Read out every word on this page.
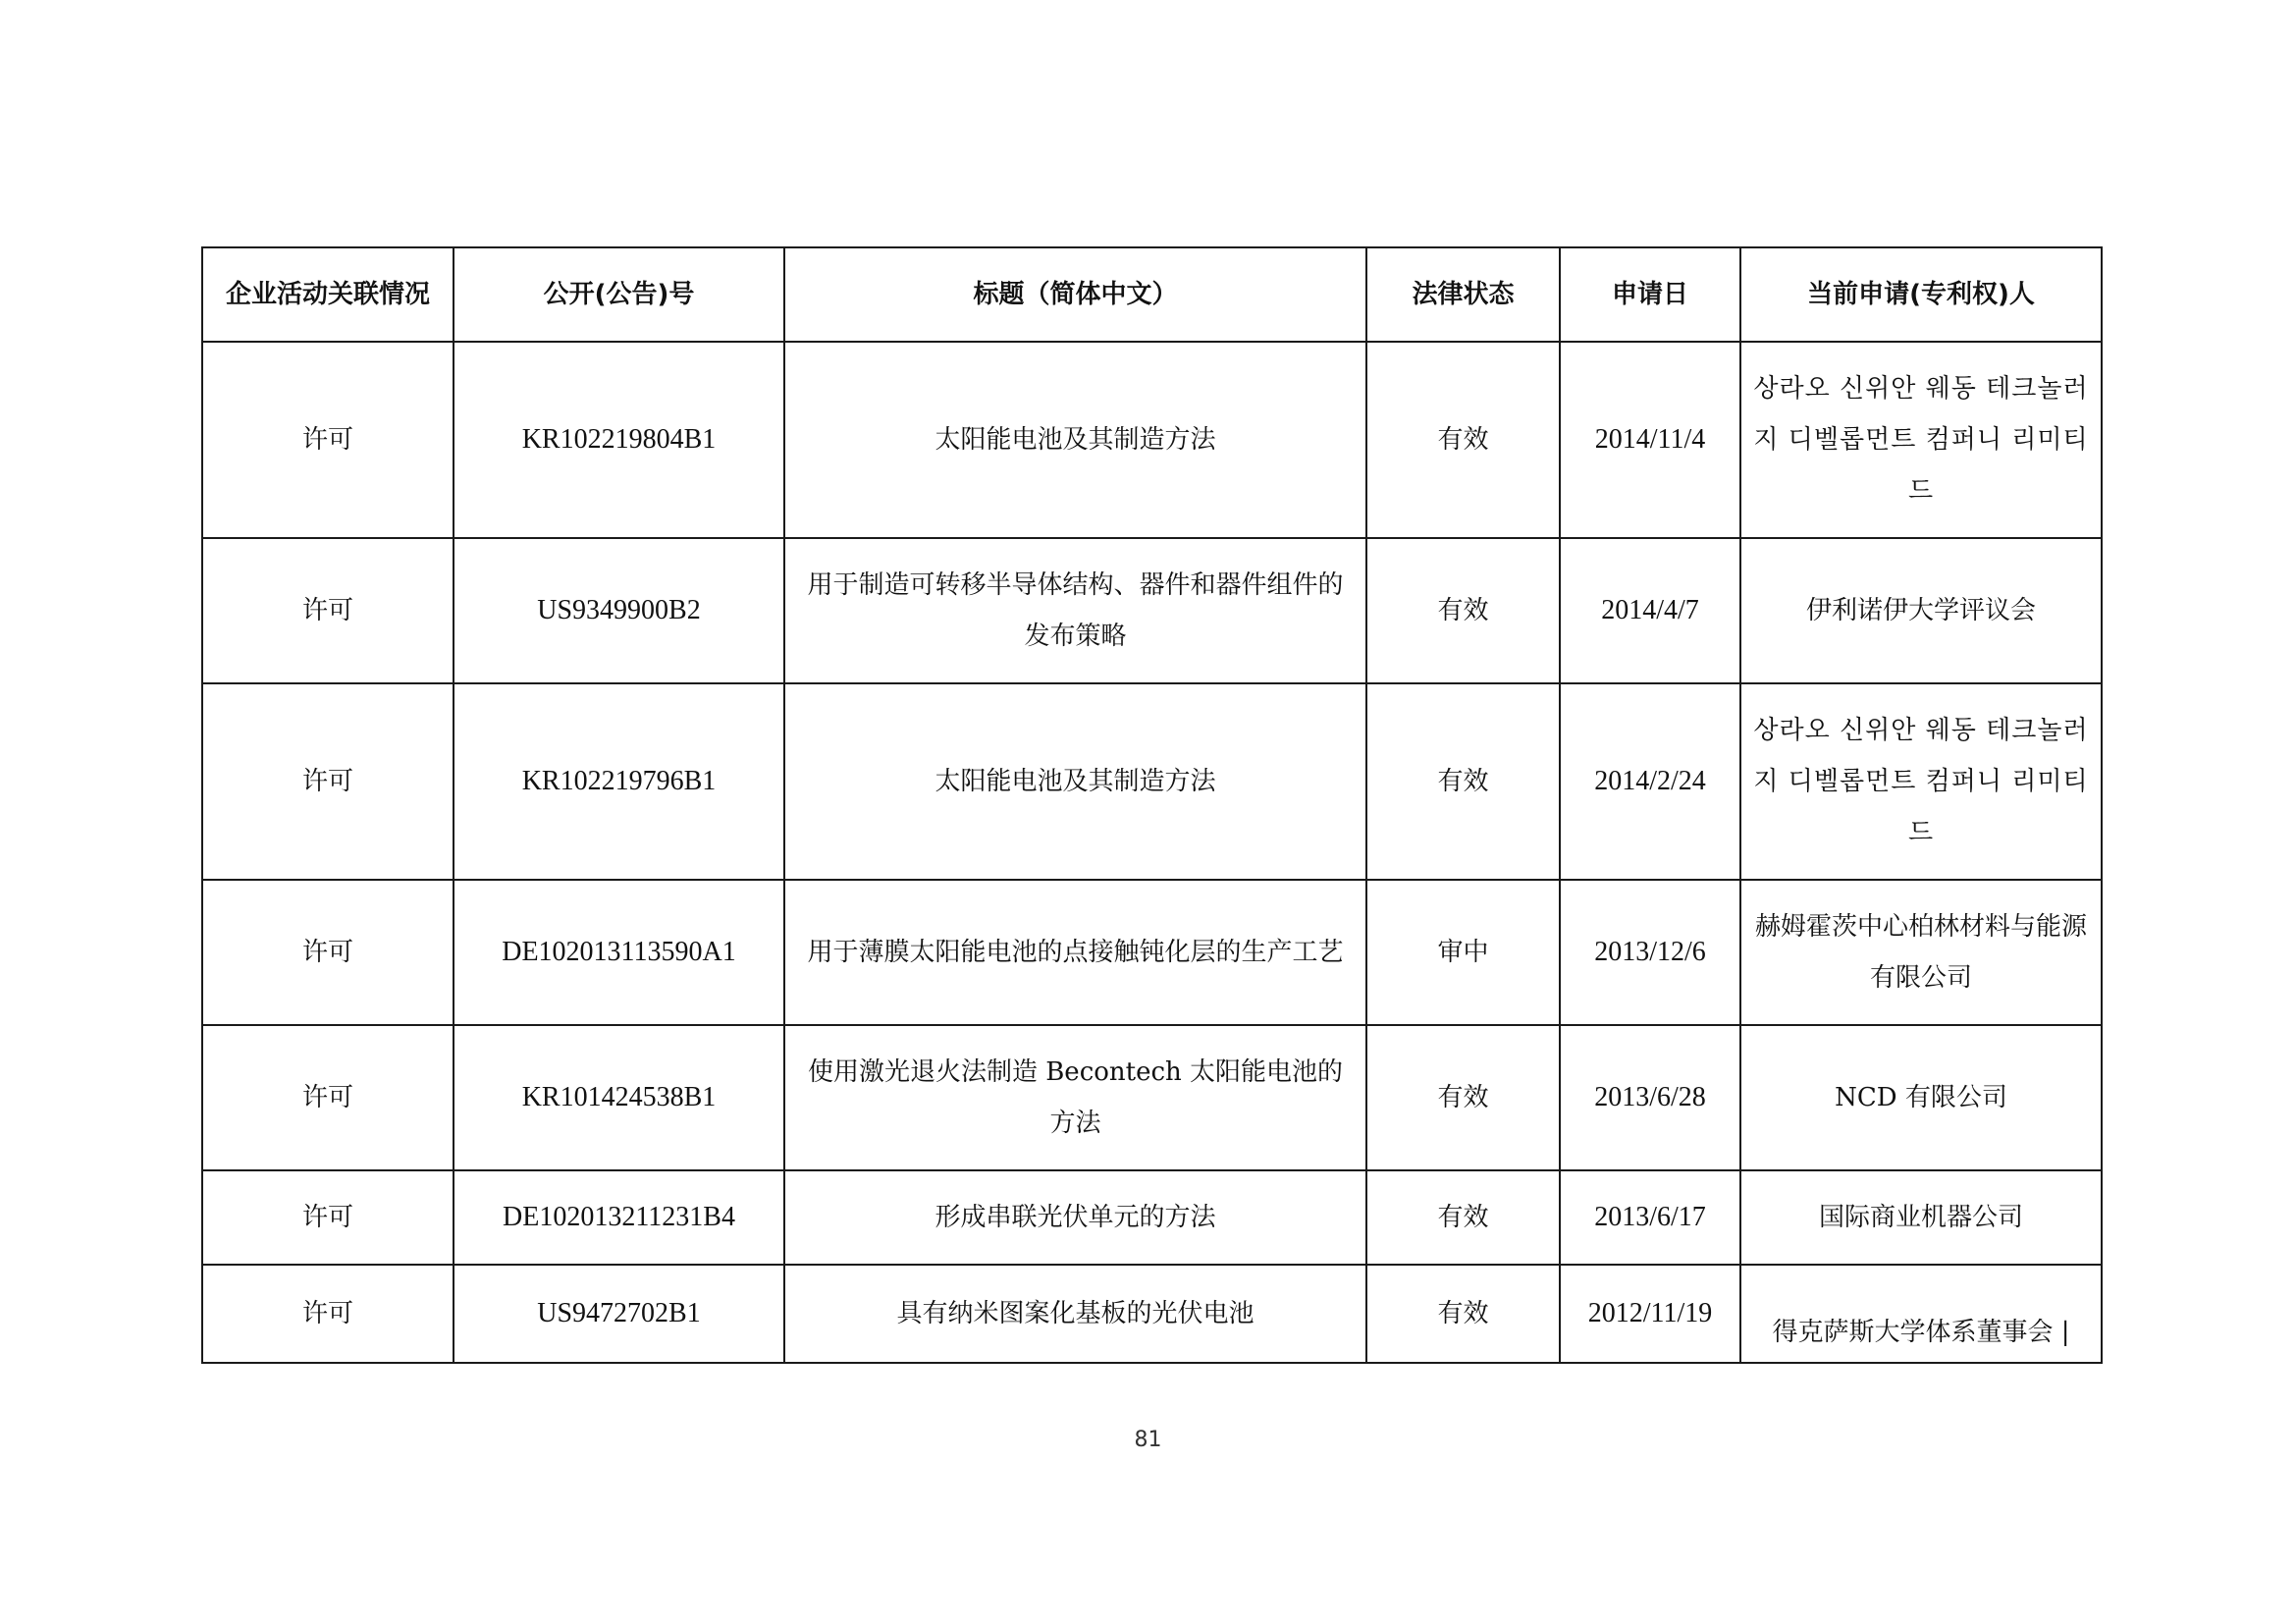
企业活动关联情况	公开(公告)号	标题（简体中文）	法律状态	申请日	当前申请(专利权)人
许可	KR102219804B1	太阳能电池及其制造方法	有效	2014/11/4	상라오 신위안 웨동 테크놀러지 디벨롭먼트 컴퍼니 리미티드
许可	US9349900B2	用于制造可转移半导体结构、器件和器件组件的发布策略	有效	2014/4/7	伊利诺伊大学评议会
许可	KR102219796B1	太阳能电池及其制造方法	有效	2014/2/24	상라오 신위안 웨동 테크놀러지 디벨롭먼트 컴퍼니 리미티드
许可	DE102013113590A1	用于薄膜太阳能电池的点接触钝化层的生产工艺	审中	2013/12/6	赫姆霍茨中心柏林材料与能源有限公司
许可	KR101424538B1	使用激光退火法制造 Becontech 太阳能电池的方法	有效	2013/6/28	NCD 有限公司
许可	DE102013211231B4	形成串联光伏单元的方法	有效	2013/6/17	国际商业机器公司
许可	US9472702B1	具有纳米图案化基板的光伏电池	有效	2012/11/19	得克萨斯大学体系董事会 |
81
